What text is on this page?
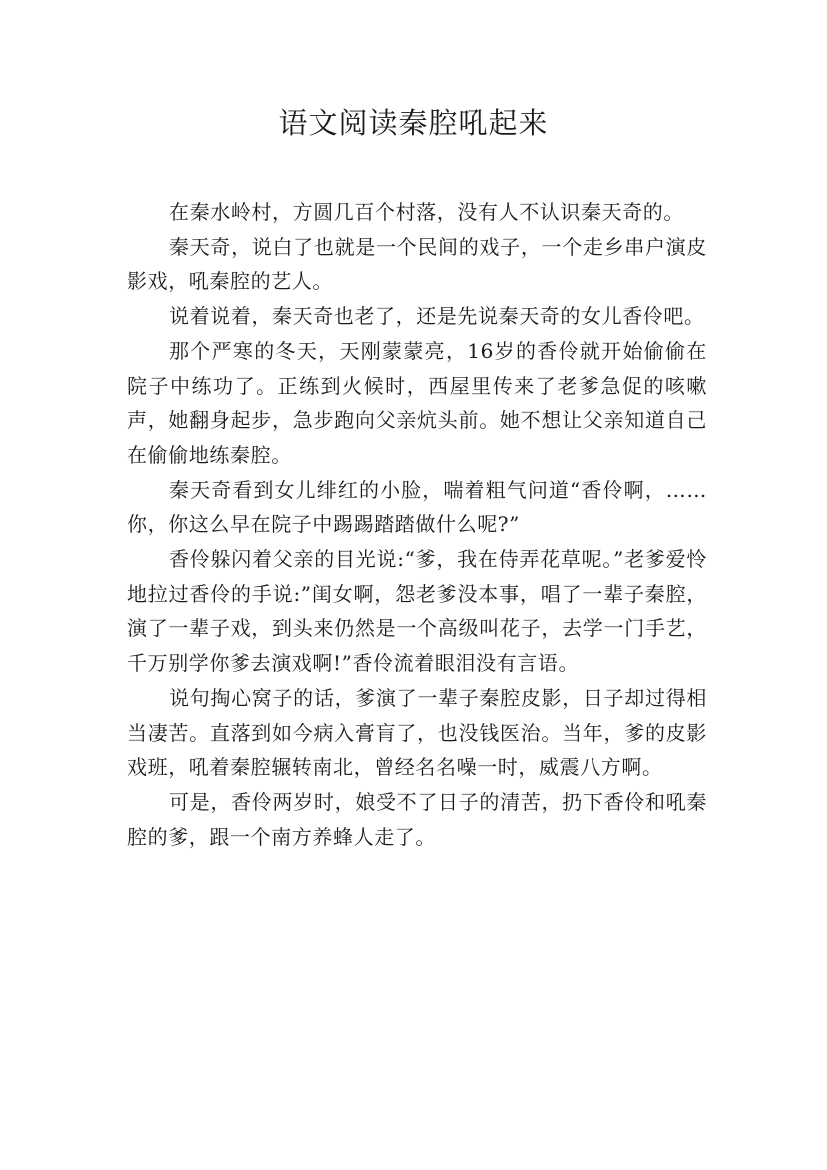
语文阅读秦腔吼起来

在秦水岭村，方圆几百个村落，没有人不认识秦天奇的。

秦天奇，说白了也就是一个民间的戏子，一个走乡串户演皮影戏，吼秦腔的艺人。

说着说着，秦天奇也老了，还是先说秦天奇的女儿香伶吧。

那个严寒的冬天，天刚蒙蒙亮，16岁的香伶就开始偷偷在院子中练功了。正练到火候时，西屋里传来了老爹急促的咳嗽声，她翻身起步，急步跑向父亲炕头前。她不想让父亲知道自己在偷偷地练秦腔。

秦天奇看到女儿绯红的小脸，喘着粗气问道“香伶啊，……你，你这么早在院子中踢踢踏踏做什么呢?”

香伶躲闪着父亲的目光说:“爹，我在侍弄花草呢。”老爹爱怜地拉过香伶的手说:”闺女啊，怨老爹没本事，唱了一辈子秦腔，演了一辈子戏，到头来仍然是一个高级叫花子，去学一门手艺，千万别学你爹去演戏啊!”香伶流着眼泪没有言语。

说句掏心窝子的话，爹演了一辈子秦腔皮影，日子却过得相当凄苦。直落到如今病入膏肓了，也没钱医治。当年，爹的皮影戏班，吼着秦腔辗转南北，曾经名名噪一时，威震八方啊。

可是，香伶两岁时，娘受不了日子的清苦，扔下香伶和吼秦腔的爹，跟一个南方养蜂人走了。
